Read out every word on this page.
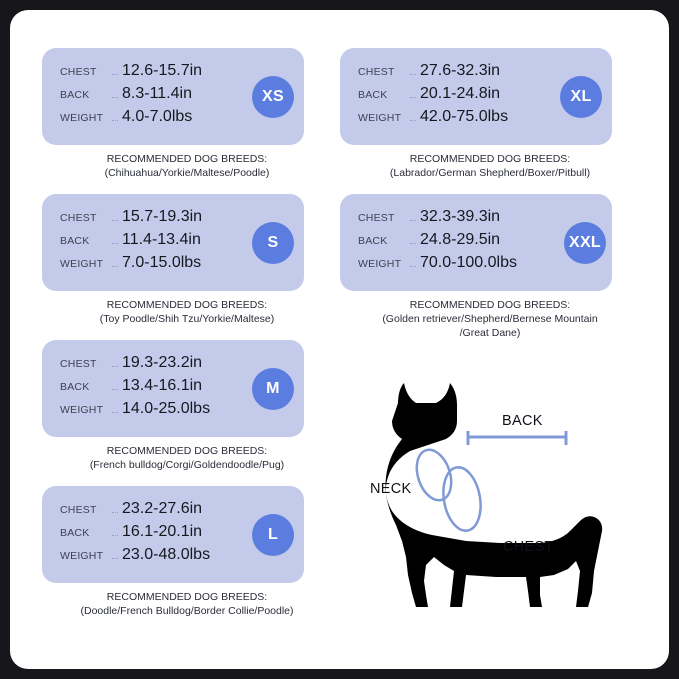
CHEST	12.6-15.7in
BACK	8.3-11.4in
WEIGHT	4.0-7.0lbs
XS
RECOMMENDED DOG BREEDS:
(Chihuahua/Yorkie/Maltese/Poodle)
CHEST	15.7-19.3in
BACK	11.4-13.4in
WEIGHT	7.0-15.0lbs
S
RECOMMENDED DOG BREEDS:
(Toy Poodle/Shih Tzu/Yorkie/Maltese)
CHEST	19.3-23.2in
BACK	13.4-16.1in
WEIGHT	14.0-25.0lbs
M
RECOMMENDED DOG BREEDS:
(French bulldog/Corgi/Goldendoodle/Pug)
CHEST	23.2-27.6in
BACK	16.1-20.1in
WEIGHT	23.0-48.0lbs
L
RECOMMENDED DOG BREEDS:
(Doodle/French Bulldog/Border Collie/Poodle)
CHEST	27.6-32.3in
BACK	20.1-24.8in
WEIGHT	42.0-75.0lbs
XL
RECOMMENDED DOG BREEDS:
(Labrador/German Shepherd/Boxer/Pitbull)
CHEST	32.3-39.3in
BACK	24.8-29.5in
WEIGHT	70.0-100.0lbs
XXL
RECOMMENDED DOG BREEDS:
(Golden retriever/Shepherd/Bernese Mountain
/Great Dane)
BACK
NECK
CHEST
